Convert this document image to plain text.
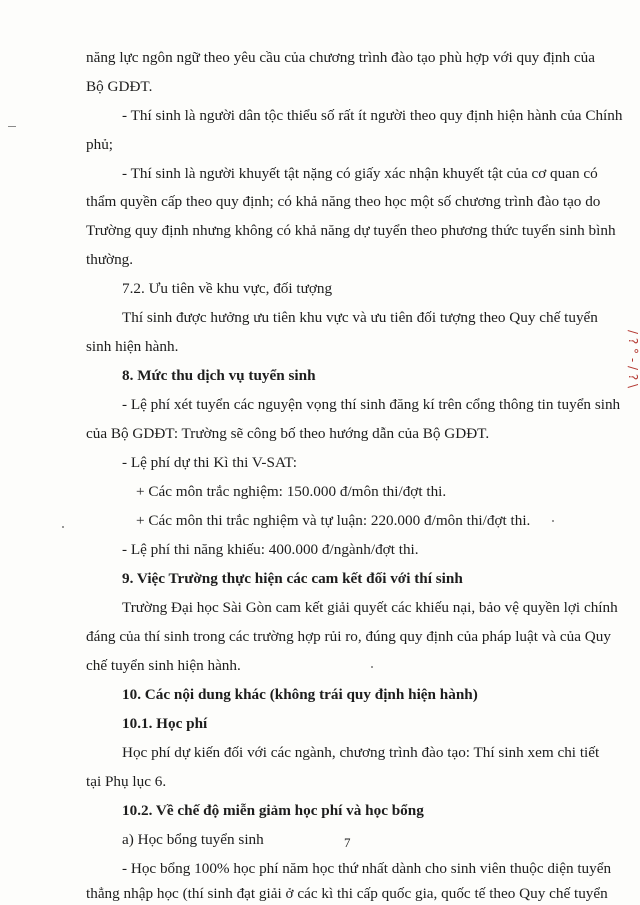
năng lực ngôn ngữ theo yêu cầu của chương trình đào tạo phù hợp với quy định của
Bộ GDĐT.
- Thí sinh là người dân tộc thiểu số rất ít người theo quy định hiện hành của Chính
phủ;
- Thí sinh là người khuyết tật nặng có giấy xác nhận khuyết tật của cơ quan có
thẩm quyền cấp theo quy định; có khả năng theo học một số chương trình đào tạo do
Trường quy định nhưng không có khả năng dự tuyển theo phương thức tuyển sinh bình
thường.
7.2. Ưu tiên về khu vực, đối tượng
Thí sinh được hưởng ưu tiên khu vực và ưu tiên đối tượng theo Quy chế tuyển
sinh hiện hành.
8. Mức thu dịch vụ tuyển sinh
- Lệ phí xét tuyển các nguyện vọng thí sinh đăng kí trên cổng thông tin tuyển sinh
của Bộ GDĐT: Trường sẽ công bố theo hướng dẫn của Bộ GDĐT.
- Lệ phí dự thi Kì thi V-SAT:
+ Các môn trắc nghiệm: 150.000 đ/môn thi/đợt thi.
+ Các môn thi trắc nghiệm và tự luận: 220.000 đ/môn thi/đợt thi.
- Lệ phí thi năng khiếu: 400.000 đ/ngành/đợt thi.
9. Việc Trường thực hiện các cam kết đối với thí sinh
Trường Đại học Sài Gòn cam kết giải quyết các khiếu nại, bảo vệ quyền lợi chính
đáng của thí sinh trong các trường hợp rủi ro, đúng quy định của pháp luật và của Quy
chế tuyển sinh hiện hành.
10. Các nội dung khác (không trái quy định hiện hành)
10.1. Học phí
Học phí dự kiến đối với các ngành, chương trình đào tạo: Thí sinh xem chi tiết
tại Phụ lục 6.
10.2. Về chế độ miễn giảm học phí và học bổng
a) Học bổng tuyển sinh
- Học bổng 100% học phí năm học thứ nhất dành cho sinh viên thuộc diện tuyển
thẳng nhập học (thí sinh đạt giải ở các kì thi cấp quốc gia, quốc tế theo Quy chế tuyển
7
/ ? ° - / ? \
